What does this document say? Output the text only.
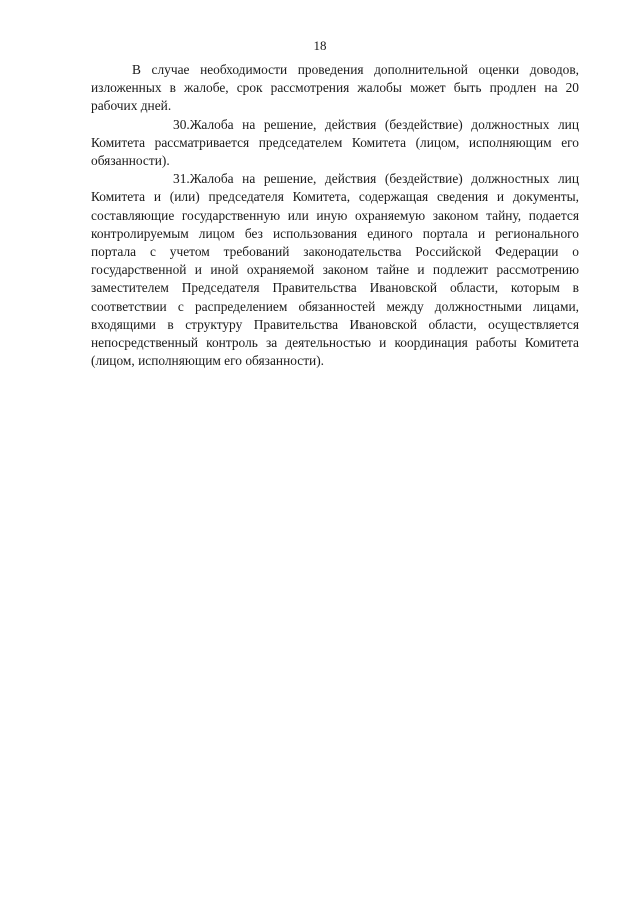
18

В случае необходимости проведения дополнительной оценки доводов, изложенных в жалобе, срок рассмотрения жалобы может быть продлен на 20 рабочих дней.

30.Жалоба на решение, действия (бездействие) должностных лиц Комитета рассматривается председателем Комитета (лицом, исполняющим его обязанности).

31.Жалоба на решение, действия (бездействие) должностных лиц Комитета и (или) председателя Комитета, содержащая сведения и документы, составляющие государственную или иную охраняемую законом тайну, подается контролируемым лицом без использования единого портала и регионального портала с учетом требований законодательства Российской Федерации о государственной и иной охраняемой законом тайне и подлежит рассмотрению заместителем Председателя Правительства Ивановской области, которым в соответствии с распределением обязанностей между должностными лицами, входящими в структуру Правительства Ивановской области, осуществляется непосредственный контроль за деятельностью и координация работы Комитета (лицом, исполняющим его обязанности).
